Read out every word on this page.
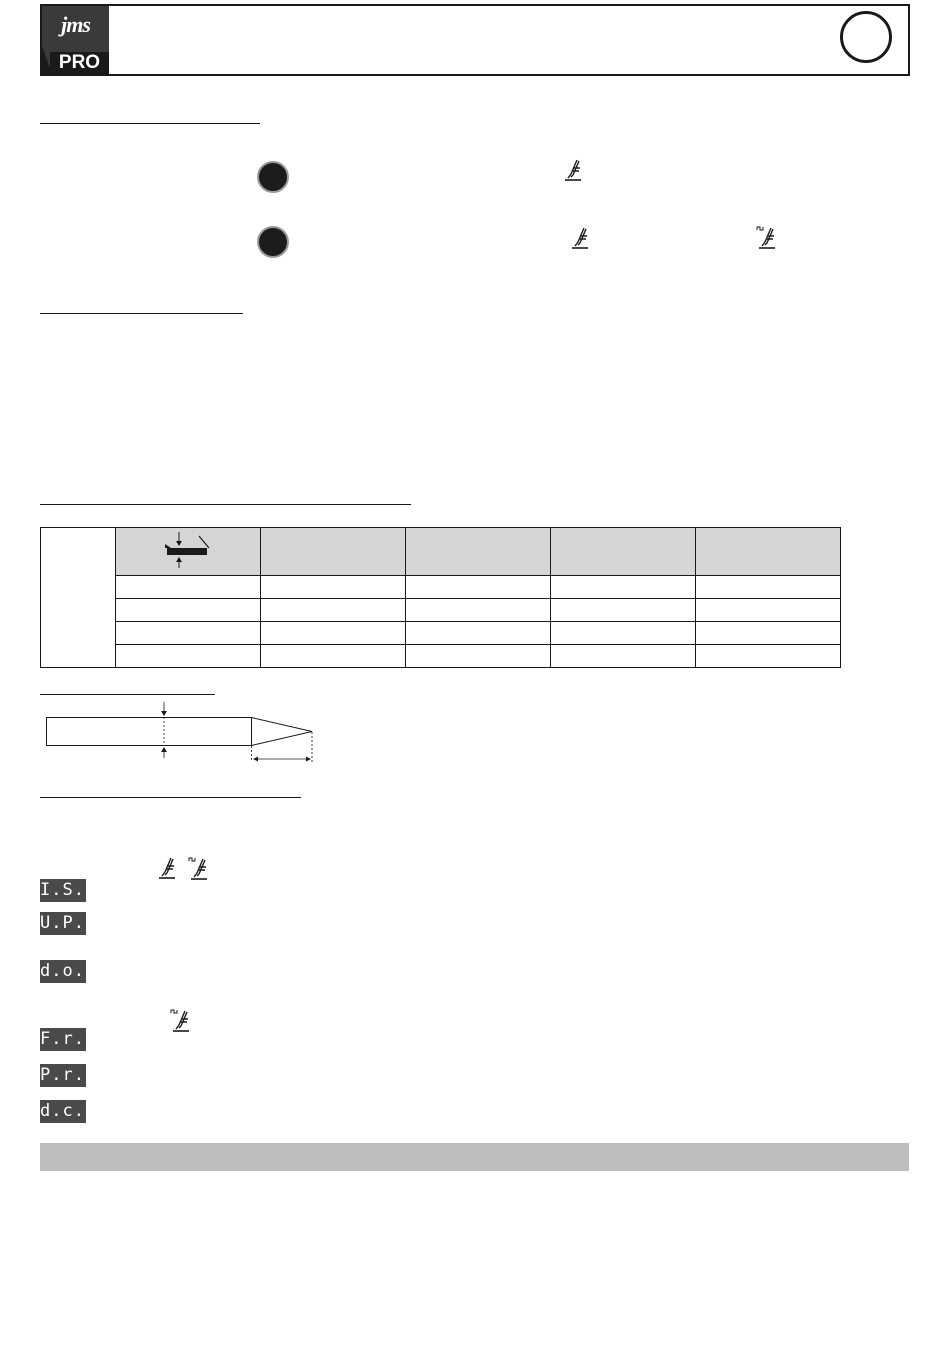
jms
PRO

I.S.t.
U.P.S
d.o.S
F.r.E.
P.r.c.
d.c.4
